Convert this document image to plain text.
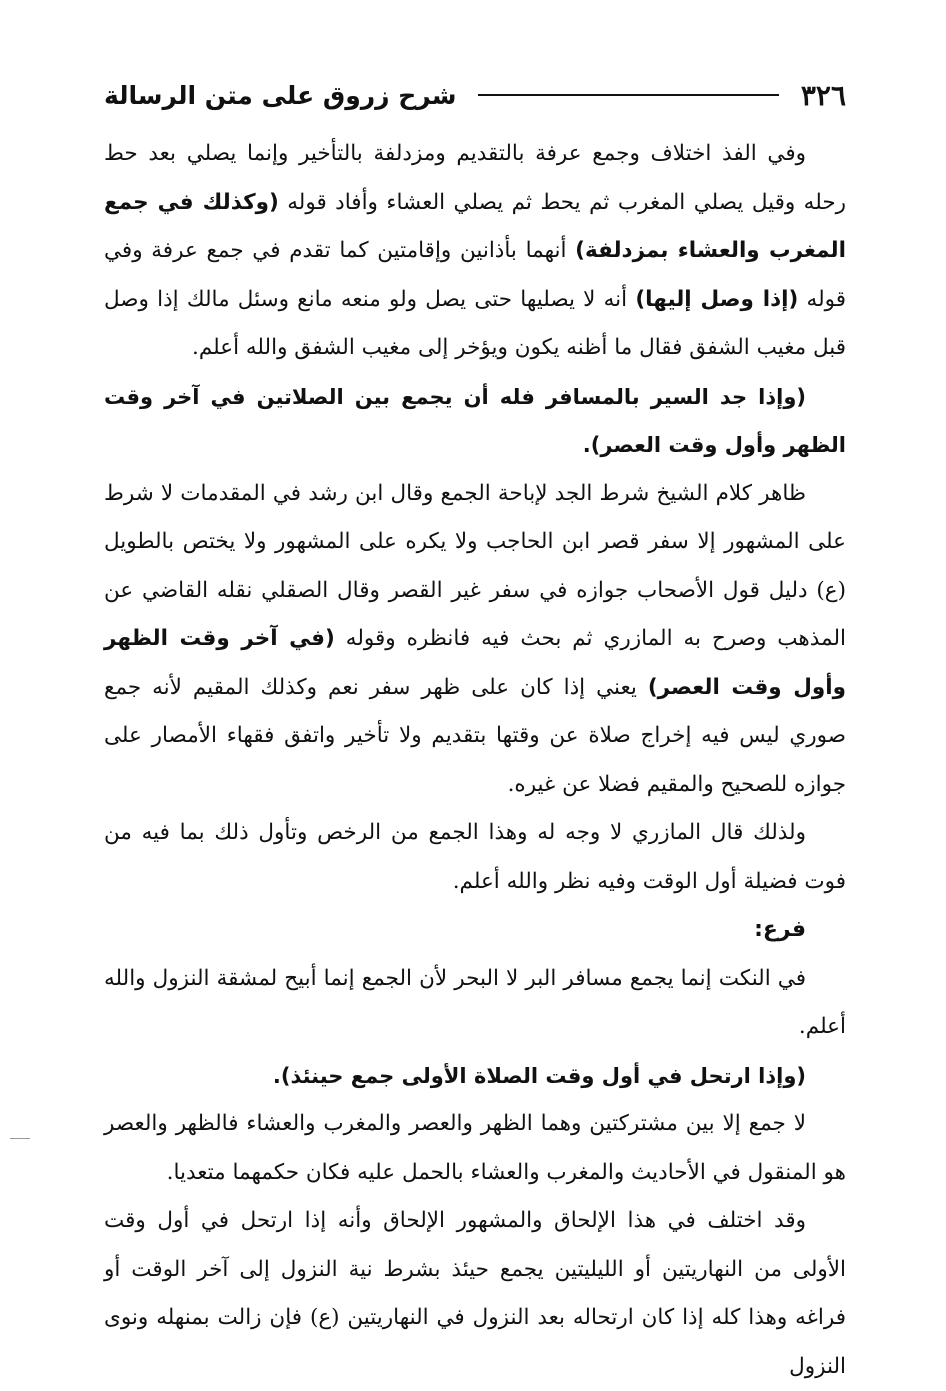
٣٢٦
شرح زروق على متن الرسالة

وفي الفذ اختلاف وجمع عرفة بالتقديم ومزدلفة بالتأخير وإنما يصلي بعد حط رحله وقيل يصلي المغرب ثم يحط ثم يصلي العشاء وأفاد قوله (وكذلك في جمع المغرب والعشاء بمزدلفة) أنهما بأذانين وإقامتين كما تقدم في جمع عرفة وفي قوله (إذا وصل إليها) أنه لا يصليها حتى يصل ولو منعه مانع وسئل مالك إذا وصل قبل مغيب الشفق فقال ما أظنه يكون ويؤخر إلى مغيب الشفق والله أعلم.

(وإذا جد السير بالمسافر فله أن يجمع بين الصلاتين في آخر وقت الظهر وأول وقت العصر).

ظاهر كلام الشيخ شرط الجد لإباحة الجمع وقال ابن رشد في المقدمات لا شرط على المشهور إلا سفر قصر ابن الحاجب ولا يكره على المشهور ولا يختص بالطويل (ع) دليل قول الأصحاب جوازه في سفر غير القصر وقال الصقلي نقله القاضي عن المذهب وصرح به المازري ثم بحث فيه فانظره وقوله (في آخر وقت الظهر وأول وقت العصر) يعني إذا كان على ظهر سفر نعم وكذلك المقيم لأنه جمع صوري ليس فيه إخراج صلاة عن وقتها بتقديم ولا تأخير واتفق فقهاء الأمصار على جوازه للصحيح والمقيم فضلا عن غيره.

ولذلك قال المازري لا وجه له وهذا الجمع من الرخص وتأول ذلك بما فيه من فوت فضيلة أول الوقت وفيه نظر والله أعلم.

فرع:

في النكت إنما يجمع مسافر البر لا البحر لأن الجمع إنما أبيح لمشقة النزول والله أعلم.

(وإذا ارتحل في أول وقت الصلاة الأولى جمع حينئذ).

لا جمع إلا بين مشتركتين وهما الظهر والعصر والمغرب والعشاء فالظهر والعصر هو المنقول في الأحاديث والمغرب والعشاء بالحمل عليه فكان حكمهما متعديا.

وقد اختلف في هذا الإلحاق والمشهور الإلحاق وأنه إذا ارتحل في أول وقت الأولى من النهاريتين أو الليليتين يجمع حيئذ بشرط نية النزول إلى آخر الوقت أو فراغه وهذا كله إذا كان ارتحاله بعد النزول في النهاريتين (ع) فإن زالت بمنهله ونوى النزول
